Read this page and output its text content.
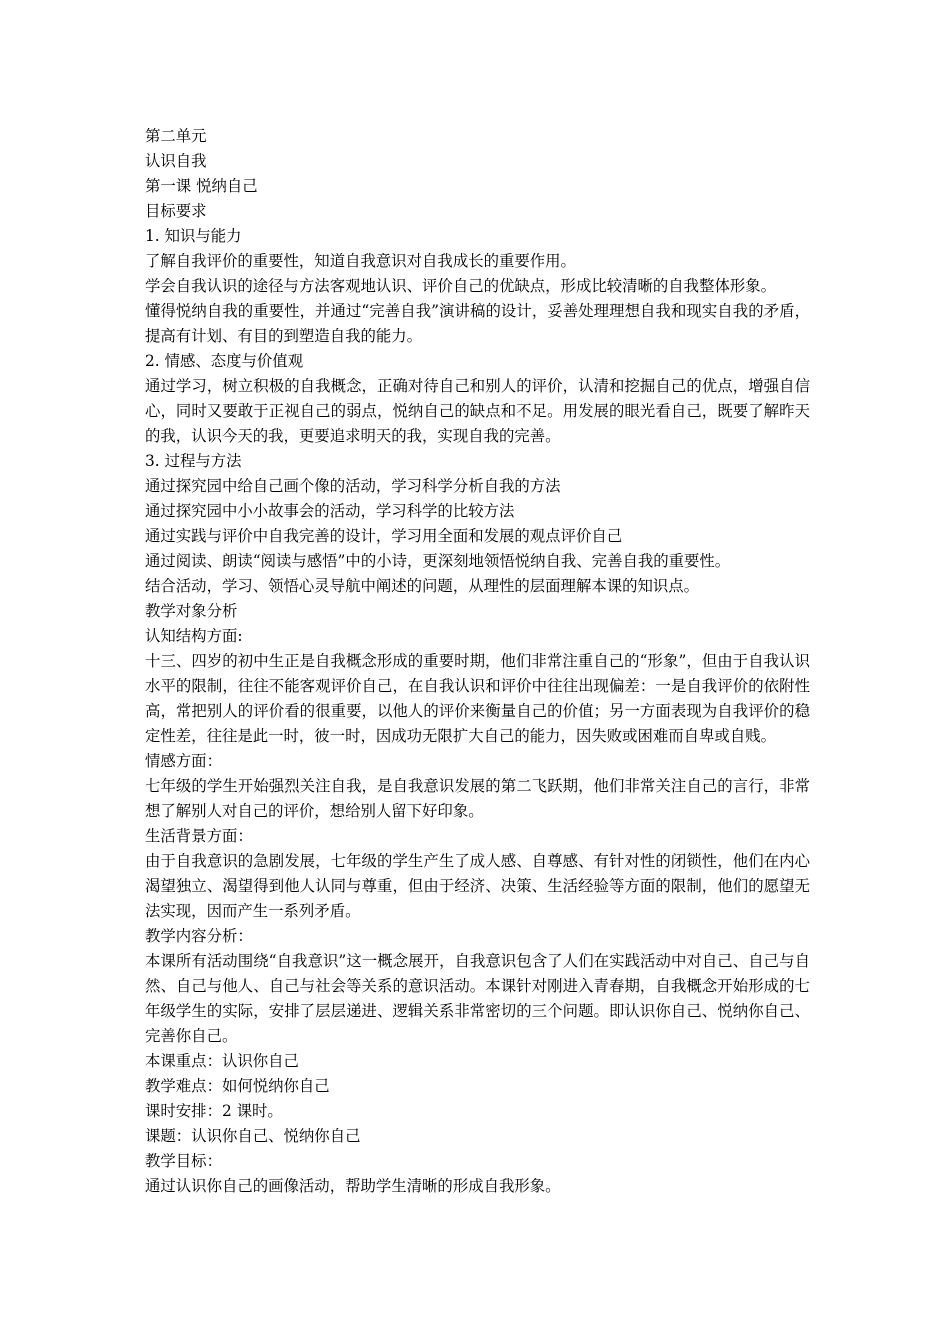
第二单元
认识自我
第一课 悦纳自己
目标要求
1. 知识与能力
了解自我评价的重要性，知道自我意识对自我成长的重要作用。
学会自我认识的途径与方法客观地认识、评价自己的优缺点，形成比较清晰的自我整体形象。
懂得悦纳自我的重要性，并通过“完善自我”演讲稿的设计，妥善处理理想自我和现实自我的矛盾，提高有计划、有目的到塑造自我的能力。
2. 情感、态度与价值观
通过学习，树立积极的自我概念，正确对待自己和别人的评价，认清和挖掘自己的优点，增强自信心，同时又要敢于正视自己的弱点，悦纳自己的缺点和不足。用发展的眼光看自己，既要了解昨天的我，认识今天的我，更要追求明天的我，实现自我的完善。
3. 过程与方法
通过探究园中给自己画个像的活动，学习科学分析自我的方法
通过探究园中小小故事会的活动，学习科学的比较方法
通过实践与评价中自我完善的设计，学习用全面和发展的观点评价自己
通过阅读、朗读“阅读与感悟”中的小诗，更深刻地领悟悦纳自我、完善自我的重要性。
结合活动，学习、领悟心灵导航中阐述的问题，从理性的层面理解本课的知识点。
教学对象分析
认知结构方面:
十三、四岁的初中生正是自我概念形成的重要时期，他们非常注重自己的“形象”，但由于自我认识水平的限制，往往不能客观评价自己，在自我认识和评价中往往出现偏差：一是自我评价的依附性高，常把别人的评价看的很重要，以他人的评价来衡量自己的价值；另一方面表现为自我评价的稳定性差，往往是此一时，彼一时，因成功无限扩大自己的能力，因失败或困难而自卑或自贱。
情感方面：
七年级的学生开始强烈关注自我，是自我意识发展的第二飞跃期，他们非常关注自己的言行，非常想了解别人对自己的评价，想给别人留下好印象。
生活背景方面：
由于自我意识的急剧发展，七年级的学生产生了成人感、自尊感、有针对性的闭锁性，他们在内心渴望独立、渴望得到他人认同与尊重，但由于经济、决策、生活经验等方面的限制，他们的愿望无法实现，因而产生一系列矛盾。
教学内容分析：
本课所有活动围绕“自我意识”这一概念展开，自我意识包含了人们在实践活动中对自己、自己与自然、自己与他人、自己与社会等关系的意识活动。本课针对刚进入青春期，自我概念开始形成的七年级学生的实际，安排了层层递进、逻辑关系非常密切的三个问题。即认识你自己、悦纳你自己、完善你自己。
本课重点：认识你自己
教学难点：如何悦纳你自己
课时安排：2 课时。
课题：认识你自己、悦纳你自己
教学目标：
通过认识你自己的画像活动，帮助学生清晰的形成自我形象。
